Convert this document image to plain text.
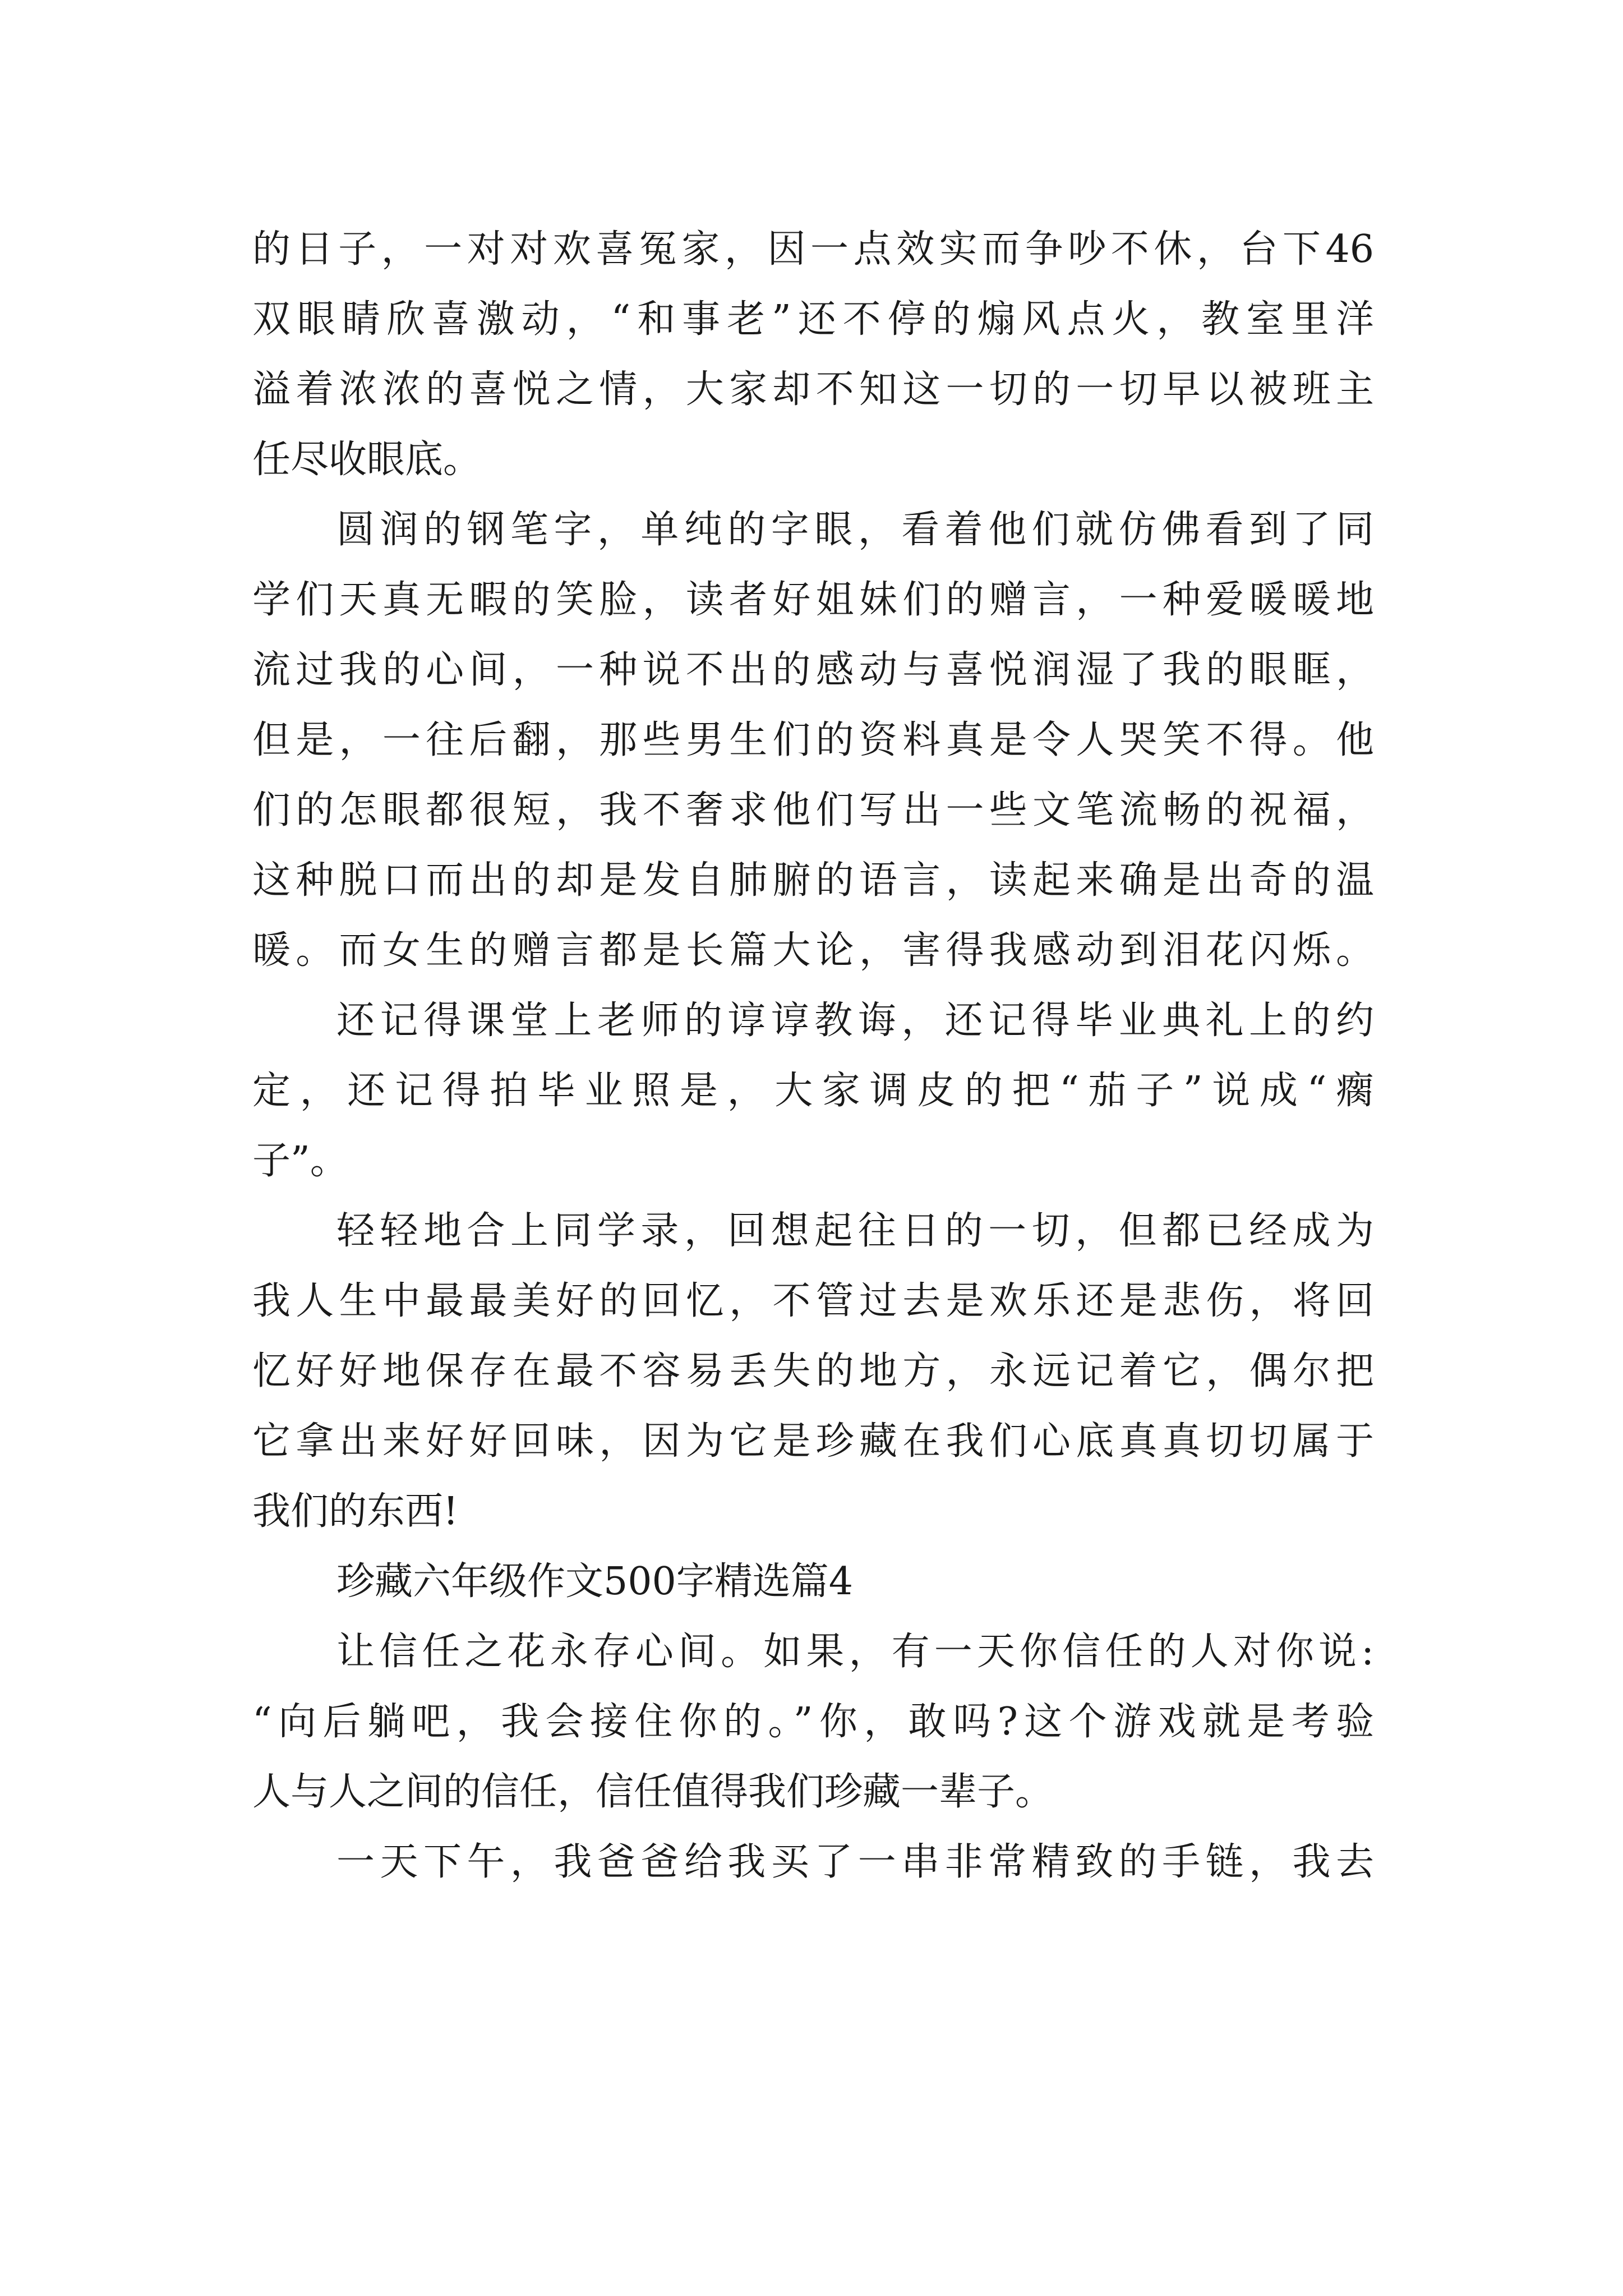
的日子，一对对欢喜冤家，因一点效实而争吵不休，台下46
双眼睛欣喜激动，“和事老”还不停的煽风点火，教室里洋
溢着浓浓的喜悦之情，大家却不知这一切的一切早以被班主
任尽收眼底。
圆润的钢笔字，单纯的字眼，看着他们就仿佛看到了同
学们天真无暇的笑脸，读者好姐妹们的赠言，一种爱暖暖地
流过我的心间，一种说不出的感动与喜悦润湿了我的眼眶，
但是，一往后翻，那些男生们的资料真是令人哭笑不得。他
们的怎眼都很短，我不奢求他们写出一些文笔流畅的祝福，
这种脱口而出的却是发自肺腑的语言，读起来确是出奇的温
暖。而女生的赠言都是长篇大论，害得我感动到泪花闪烁。
还记得课堂上老师的谆谆教诲，还记得毕业典礼上的约
定，还记得拍毕业照是，大家调皮的把“茄子”说成“瘸
子”。
轻轻地合上同学录，回想起往日的一切，但都已经成为
我人生中最最美好的回忆，不管过去是欢乐还是悲伤，将回
忆好好地保存在最不容易丢失的地方，永远记着它，偶尔把
它拿出来好好回味，因为它是珍藏在我们心底真真切切属于
我们的东西!
珍藏六年级作文500字精选篇4
让信任之花永存心间。如果，有一天你信任的人对你说:
“向后躺吧，我会接住你的。”你，敢吗?这个游戏就是考验
人与人之间的信任，信任值得我们珍藏一辈子。
一天下午，我爸爸给我买了一串非常精致的手链，我去
